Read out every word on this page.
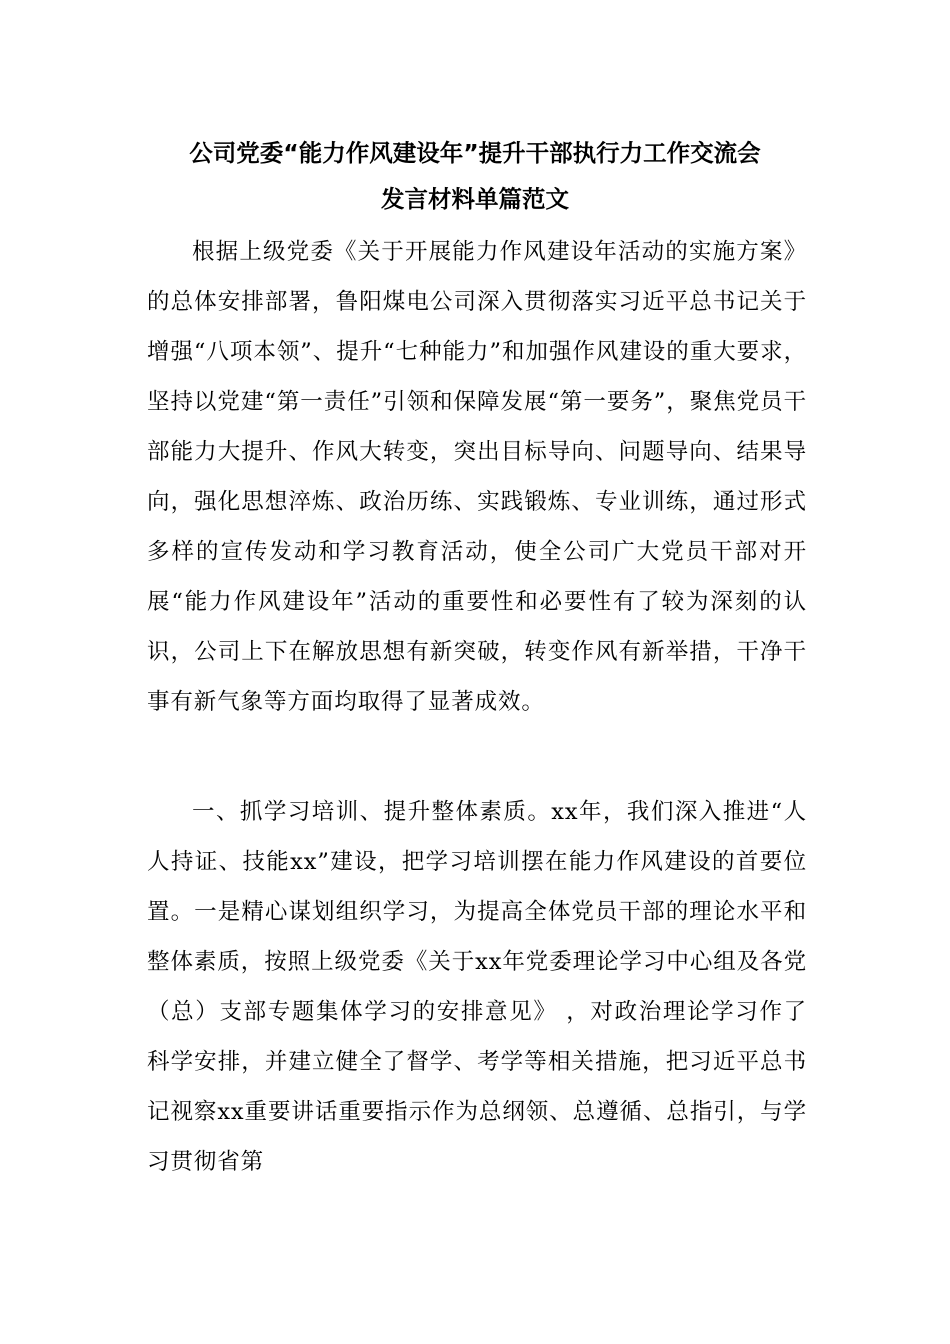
公司党委“能力作风建设年”提升干部执行力工作交流会
发言材料单篇范文

根据上级党委《关于开展能力作风建设年活动的实施方案》的总体安排部署，鲁阳煤电公司深入贯彻落实习近平总书记关于增强“八项本领”、提升“七种能力”和加强作风建设的重大要求，坚持以党建“第一责任”引领和保障发展“第一要务”，聚焦党员干部能力大提升、作风大转变，突出目标导向、问题导向、结果导向，强化思想淬炼、政治历练、实践锻炼、专业训练，通过形式多样的宣传发动和学习教育活动，使全公司广大党员干部对开展“能力作风建设年”活动的重要性和必要性有了较为深刻的认识，公司上下在解放思想有新突破，转变作风有新举措，干净干事有新气象等方面均取得了显著成效。

一、抓学习培训、提升整体素质。xx年，我们深入推进“人人持证、技能xx”建设，把学习培训摆在能力作风建设的首要位置。一是精心谋划组织学习，为提高全体党员干部的理论水平和整体素质，按照上级党委《关于xx年党委理论学习中心组及各党（总）支部专题集体学习的安排意见》 ，对政治理论学习作了科学安排，并建立健全了督学、考学等相关措施，把习近平总书记视察xx重要讲话重要指示作为总纲领、总遵循、总指引，与学习贯彻省第
